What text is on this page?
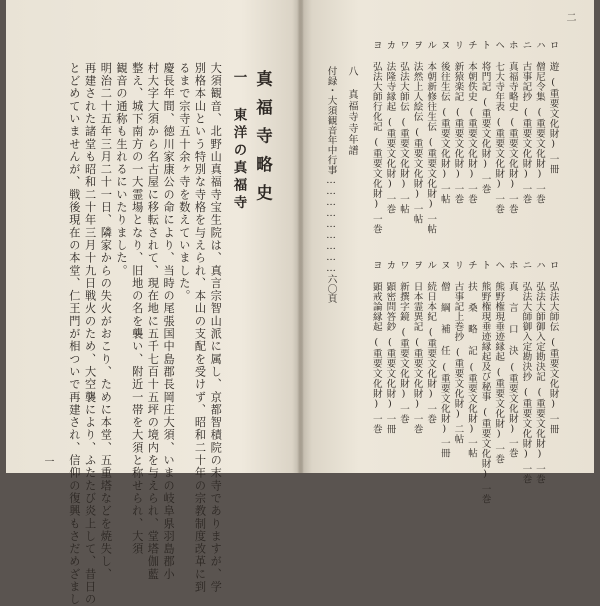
真福寺略史
一 東洋の真福寺
大須観音、北野山真福寺宝生院は、真言宗智山派に属し、京都智積院の末寺でありますが、学
別格本山という特別な寺格を与えられ、本山の支配を受けず、昭和二十年の宗教制度改革に到
るまで宗寺五十余ヶ寺を数えていました。
慶長年間、徳川家康公の命により、当時の尾張国中島郡長岡庄大須、いまの岐阜県羽島郡小
村大字大須から名古屋に移転されて、現在地に五千七百十五坪の境内を与えられ、堂塔伽藍
整え、城下南方の一大霊場となり、旧地の名を襲い、附近一帯を大須と称せられ、大須
観音の通称も生れるにいたりました。
明治二十五年三月二十一日、隣家からの失火がおこり、ために本堂、五重塔などを焼失し、
再建された諸堂も昭和二十年三月十九日戦火のため、大空襲により、ふたたび炎上して、昔日の
とどめていませんが、戦後現在の本堂、仁王門が相ついで再建され、信仰の復興もさだめざまし
一
二
ロ 遊(重要文化財)一冊
ハ 僧尼令集(重要文化財)一巻
ニ 古事記抄(重要文化財)一巻
ホ 真福寺略史(重要文化財)一巻
ヘ 七大寺年表(重要文化財)一巻
ト 将門記(重要文化財)一巻
チ 本朝佚史(重要文化財)一巻
リ 新猿楽記(重要文化財)一巻
ヌ 後往生伝(重要文化財)一帖
ル 本朝新修往生伝(重要文化財)一帖
ヲ 法然上人絵伝(重要文化財)一帖
ワ 弘法大師伝(重要文化財)一帖
カ 法隆寺縁起(重要文化財)一巻
ヨ 弘法大師行化記(重要文化財)一巻
ロ 弘法大師伝(重要文化財)一冊
ハ 弘法大師御入定勘決記(重要文化財)一巻
ニ 弘法大師御入定勘決抄(重要文化財)一巻
ホ 真 言 口 決(重要文化財)一巻
ヘ 熊野権現垂迹縁起(重要文化財)一巻
ト 熊野権現垂迹縁起及び秘事(重要文化財)一巻
チ 扶 桑 略 記(重要文化財)一帖
リ 古事記上巻抄(重要文化財)二帖
ヌ 僧 綱 補 任(重要文化財)一冊
ル 続日本紀(重要文化財)一巻
ヲ 日本霊異記(重要文化財)一巻
ワ 新撰字鏡(重要文化財)一巻
カ 顕密問答鈔(重要文化財)一冊
ヨ 顕戒論縁起(重要文化財)一巻
八 真福寺寺年譜
付録・大須観音年中行事………………………六〇頁
